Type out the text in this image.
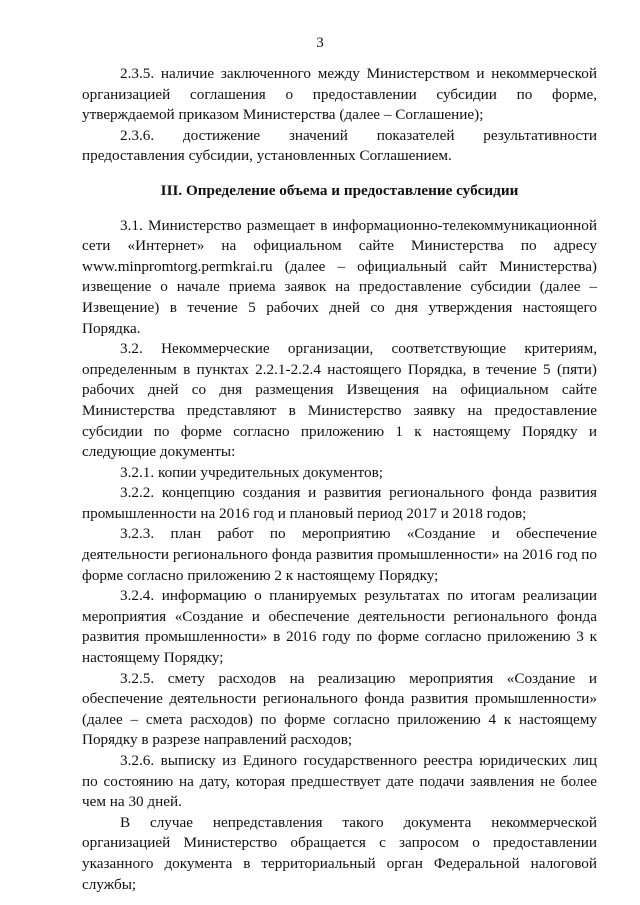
3

2.3.5. наличие заключенного между Министерством и некоммерческой организацией соглашения о предоставлении субсидии по форме, утверждаемой приказом Министерства (далее – Соглашение);

2.3.6. достижение значений показателей результативности предоставления субсидии, установленных Соглашением.

III. Определение объема и предоставление субсидии

3.1. Министерство размещает в информационно-телекоммуникационной сети «Интернет» на официальном сайте Министерства по адресу www.minpromtorg.permkrai.ru (далее – официальный сайт Министерства) извещение о начале приема заявок на предоставление субсидии (далее – Извещение) в течение 5 рабочих дней со дня утверждения настоящего Порядка.

3.2. Некоммерческие организации, соответствующие критериям, определенным в пунктах 2.2.1-2.2.4 настоящего Порядка, в течение 5 (пяти) рабочих дней со дня размещения Извещения на официальном сайте Министерства представляют в Министерство заявку на предоставление субсидии по форме согласно приложению 1 к настоящему Порядку и следующие документы:

3.2.1. копии учредительных документов;

3.2.2. концепцию создания и развития регионального фонда развития промышленности на 2016 год и плановый период 2017 и 2018 годов;

3.2.3. план работ по мероприятию «Создание и обеспечение деятельности регионального фонда развития промышленности» на 2016 год по форме согласно приложению 2 к настоящему Порядку;

3.2.4. информацию о планируемых результатах по итогам реализации мероприятия «Создание и обеспечение деятельности регионального фонда развития промышленности» в 2016 году по форме согласно приложению 3 к настоящему Порядку;

3.2.5. смету расходов на реализацию мероприятия «Создание и обеспечение деятельности регионального фонда развития промышленности» (далее – смета расходов) по форме согласно приложению 4 к настоящему Порядку в разрезе направлений расходов;

3.2.6. выписку из Единого государственного реестра юридических лиц по состоянию на дату, которая предшествует дате подачи заявления не более чем на 30 дней.

В случае непредставления такого документа некоммерческой организацией Министерство обращается с запросом о предоставлении указанного документа в территориальный орган Федеральной налоговой службы;
